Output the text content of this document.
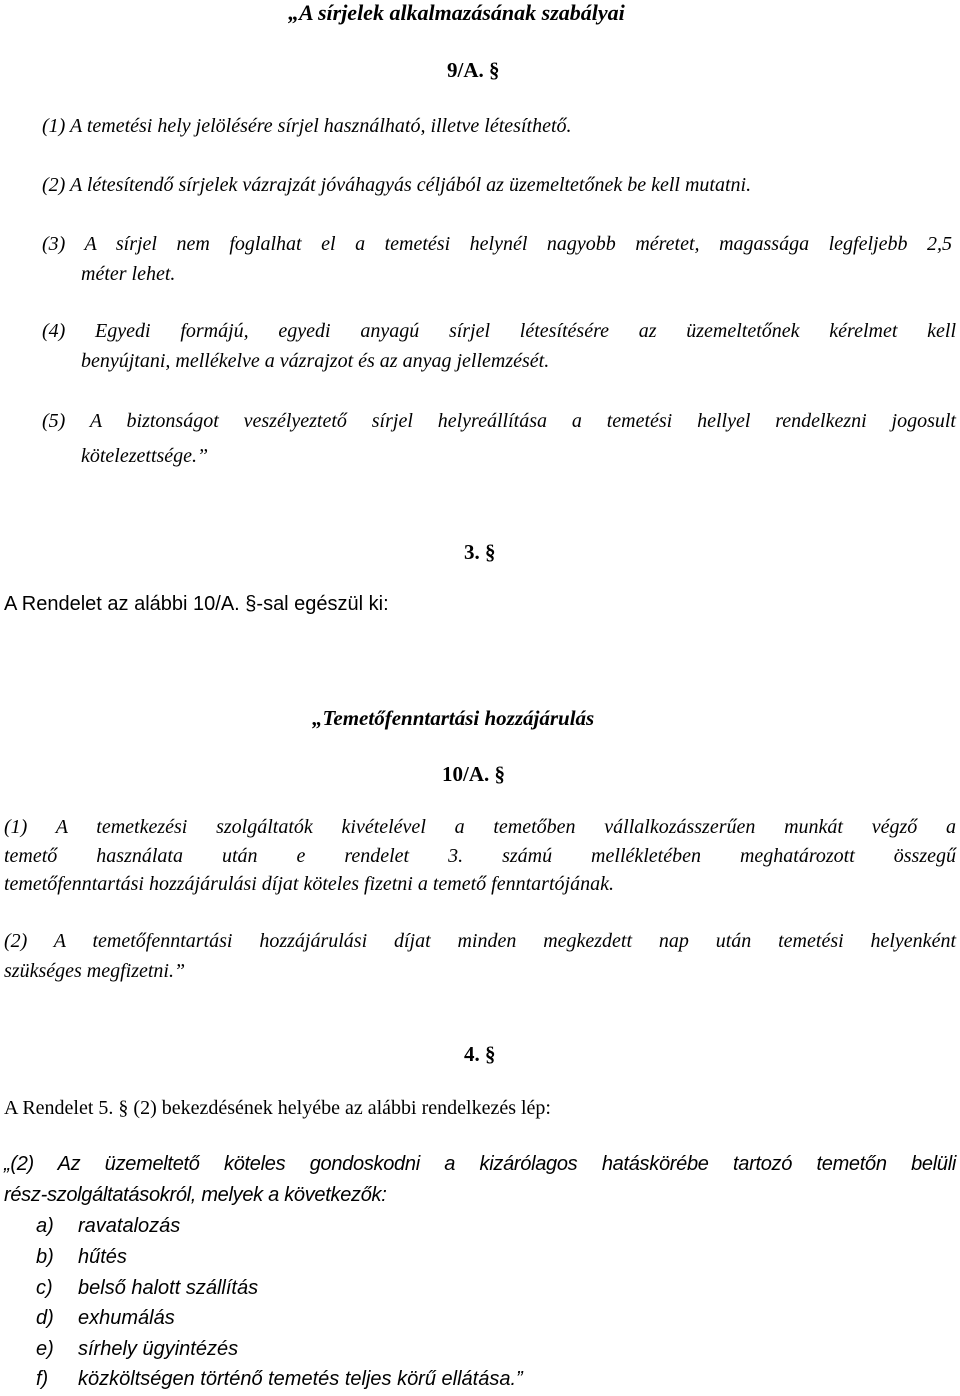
„A sírjelek alkalmazásának szabályai
9/A. §
(1) A temetési hely jelölésére sírjel használható, illetve létesíthető.
(2) A létesítendő sírjelek vázrajzát jóváhagyás céljából az üzemeltetőnek be kell mutatni.
(3) A sírjel nem foglalhat el a temetési helynél nagyobb méretet, magassága legfeljebb 2,5
méter lehet.
(4) Egyedi formájú, egyedi anyagú sírjel létesítésére az üzemeltetőnek kérelmet kell
benyújtani, mellékelve a vázrajzot és az anyag jellemzését.
(5) A biztonságot veszélyeztető sírjel helyreállítása a temetési hellyel rendelkezni jogosult
kötelezettsége.”
3. §
A Rendelet az alábbi 10/A. §-sal egészül ki:
„Temetőfenntartási hozzájárulás
10/A. §
(1) A temetkezési szolgáltatók kivételével a temetőben vállalkozásszerűen munkát végző a
temető használata után e rendelet 3. számú mellékletében meghatározott összegű
temetőfenntartási hozzájárulási díjat köteles fizetni a temető fenntartójának.
(2) A temetőfenntartási hozzájárulási díjat minden megkezdett nap után temetési helyenként
szükséges megfizetni.”
4. §
A Rendelet 5. § (2) bekezdésének helyébe az alábbi rendelkezés lép:
„(2) Az üzemeltető köteles gondoskodni a kizárólagos hatáskörébe tartozó temetőn belüli
rész-szolgáltatásokról, melyek a következők:
a) ravatalozás
b) hűtés
c) belső halott szállítás
d) exhumálás
e) sírhely ügyintézés
f) közköltségen történő temetés teljes körű ellátása.”
